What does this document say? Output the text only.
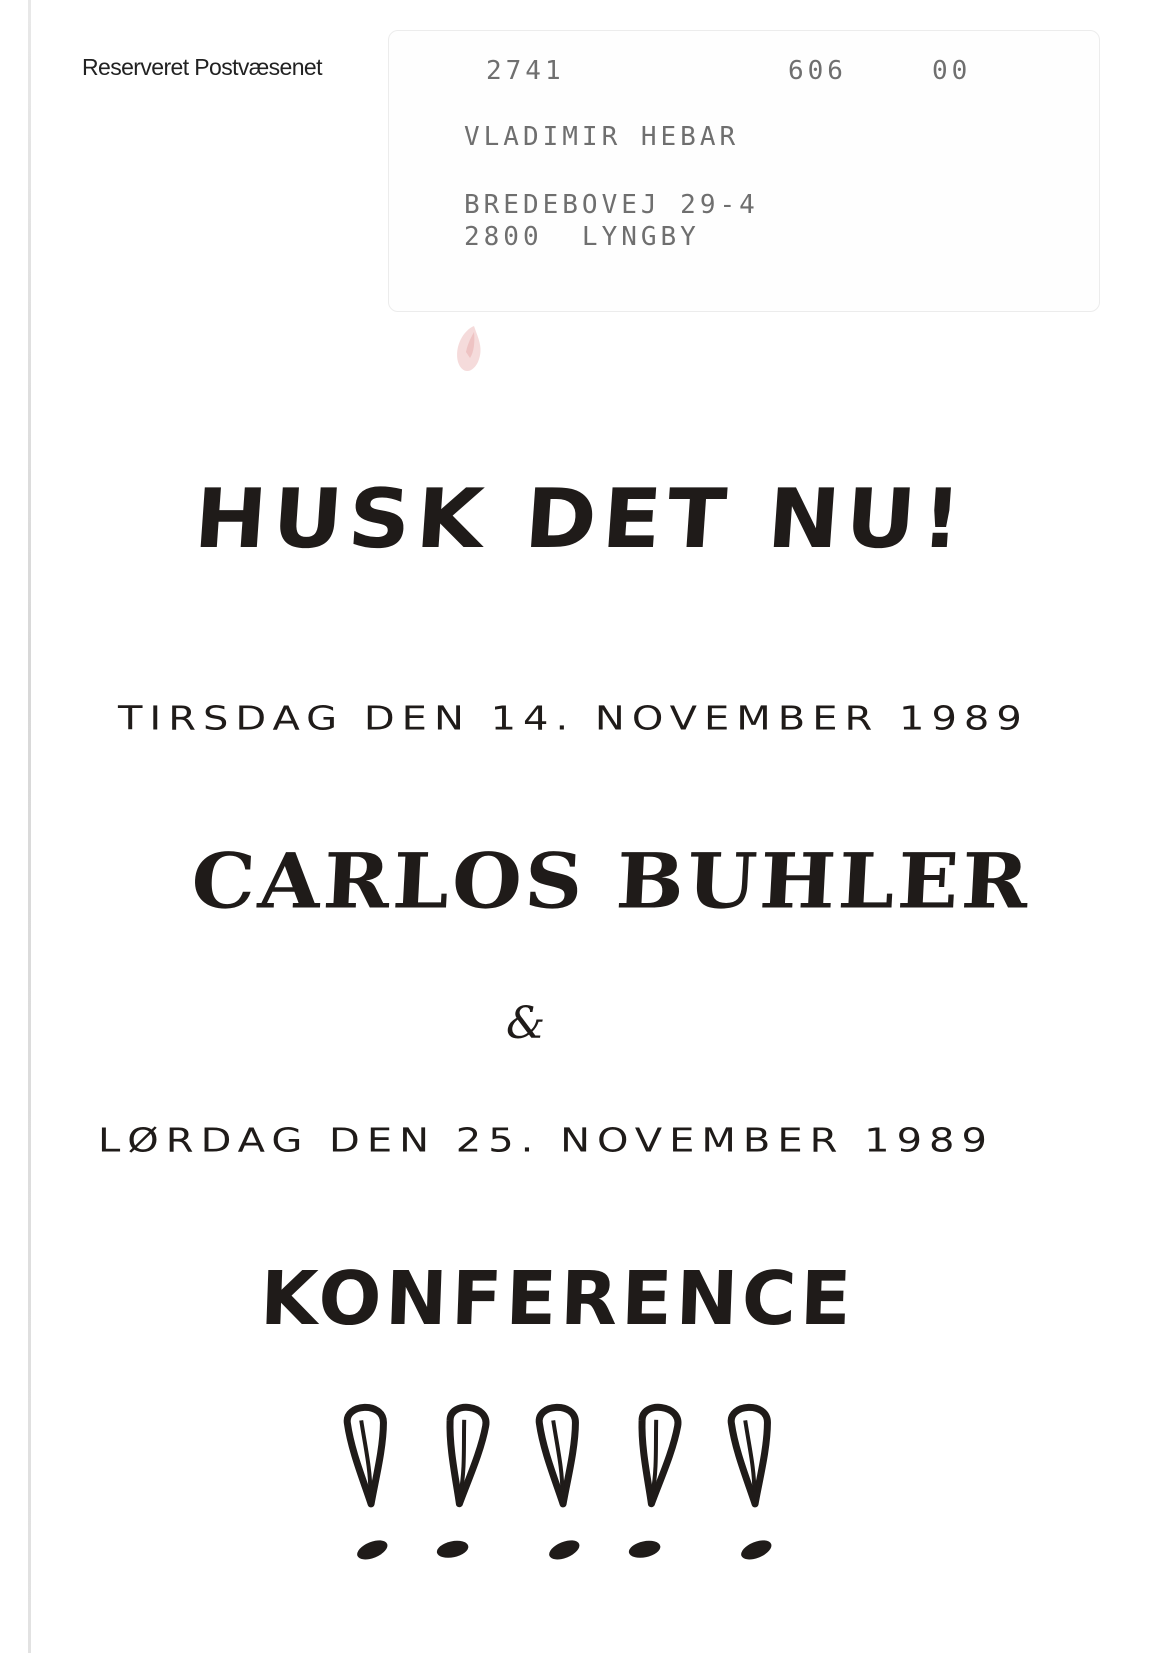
Reserveret Postvæsenet	2741	606	00
VLADIMIR HEBAR
BREDEBOVEJ 29-4
2800  LYNGBY
HUSK DET NU!
TIRSDAG DEN 14. NOVEMBER 1989
CARLOS BUHLER
&
LØRDAG DEN 25. NOVEMBER 1989
KONFERENCE
